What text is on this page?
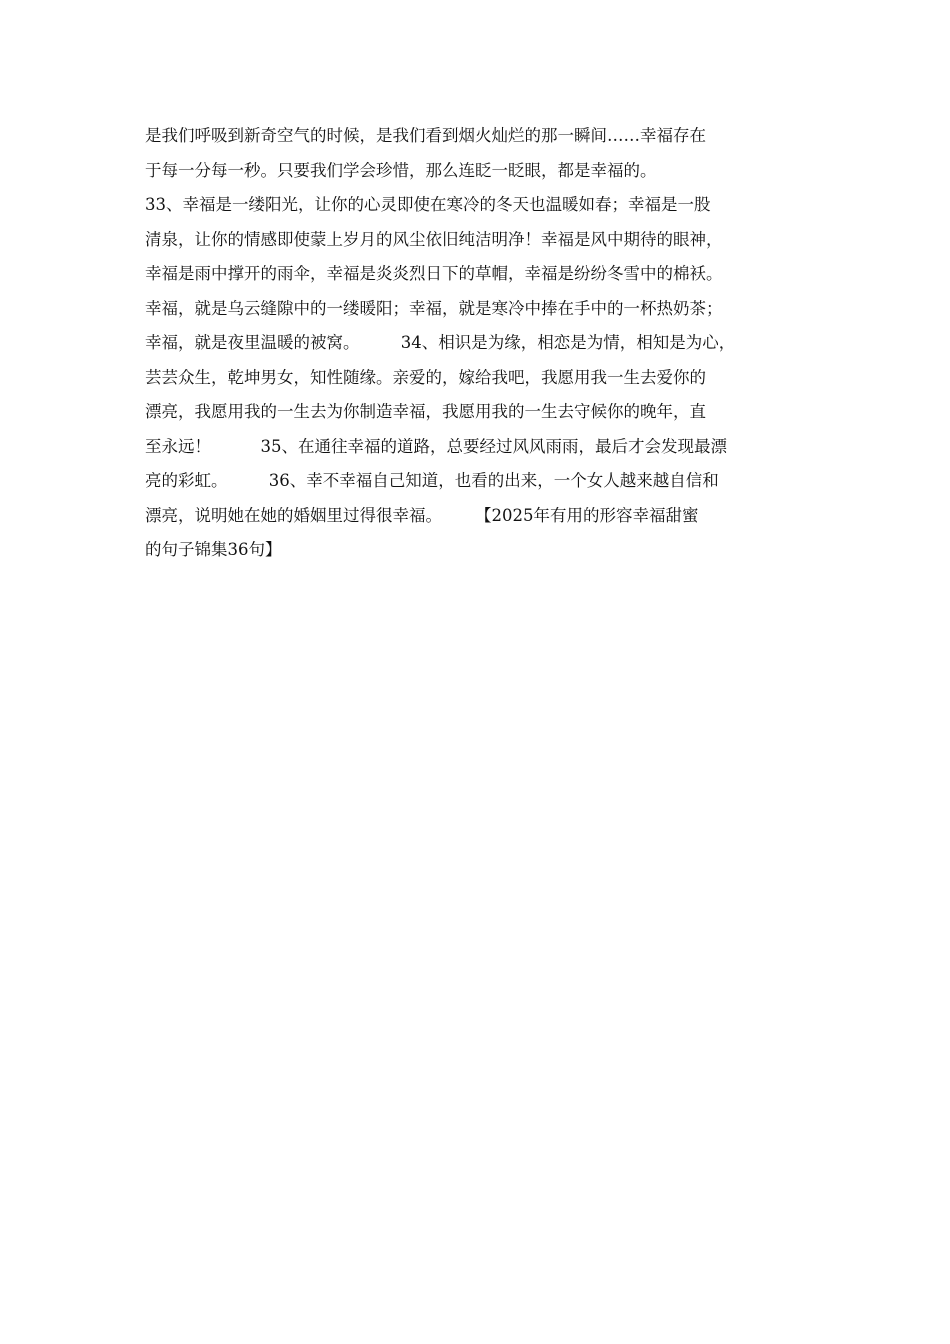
是我们呼吸到新奇空气的时候，是我们看到烟火灿烂的那一瞬间……幸福存在
于每一分每一秒。只要我们学会珍惜，那么连眨一眨眼，都是幸福的。
33、幸福是一缕阳光，让你的心灵即使在寒冷的冬天也温暖如春；幸福是一股
清泉，让你的情感即使蒙上岁月的风尘依旧纯洁明净！幸福是风中期待的眼神，
幸福是雨中撑开的雨伞，幸福是炎炎烈日下的草帽，幸福是纷纷冬雪中的棉袄。
幸福，就是乌云缝隙中的一缕暖阳；幸福，就是寒冷中捧在手中的一杯热奶茶；
幸福，就是夜里温暖的被窝。　　　34、相识是为缘，相恋是为情，相知是为心，
芸芸众生，乾坤男女，知性随缘。亲爱的，嫁给我吧，我愿用我一生去爱你的
漂亮，我愿用我的一生去为你制造幸福，我愿用我的一生去守候你的晚年，直
至永远！　　　35、在通往幸福的道路，总要经过风风雨雨，最后才会发现最漂
亮的彩虹。　　　36、幸不幸福自己知道，也看的出来，一个女人越来越自信和
漂亮，说明她在她的婚姻里过得很幸福。　　　【2025年有用的形容幸福甜蜜
的句子锦集36句】
